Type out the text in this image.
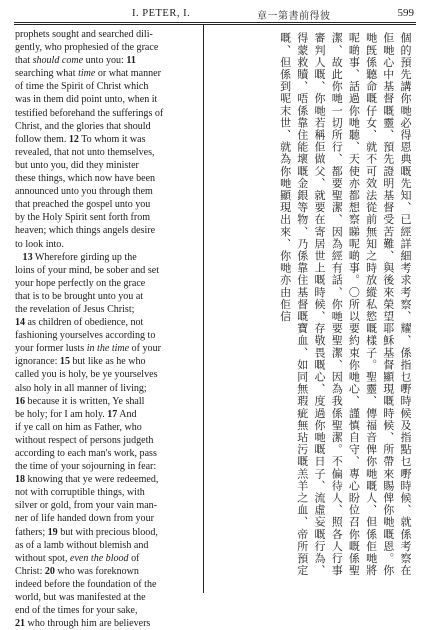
I. PETER, I.	章一第書前得彼	599
prophets sought and searched dili-
gently, who prophesied of the grace
that should come unto you: 11
searching what time or what manner
of time the Spirit of Christ which
was in them did point unto, when it
testified beforehand the sufferings of
Christ, and the glories that should
follow them. 12 To whom it was
revealed, that not unto themselves,
but unto you, did they minister
these things, which now have been
announced unto you through them
that preached the gospel unto you
by the Holy Spirit sent forth from
heaven; which things angels desire
to look into.
13 Wherefore girding up the
loins of your mind, be sober and set
your hope perfectly on the grace
that is to be brought unto you at
the revelation of Jesus Christ;
14 as children of obedience, not
fashioning yourselves according to
your former lusts in the time of your
ignorance: 15 but like as he who
called you is holy, be ye yourselves
also holy in all manner of living;
16 because it is written, Ye shall
be holy; for I am holy. 17 And
if ye call on him as Father, who
without respect of persons judgeth
according to each man's work, pass
the time of your sojourning in fear:
18 knowing that ye were redeemed,
not with corruptible things, with
silver or gold, from your vain man-
ner of life handed down from your
fathers; 19 but with precious blood,
as of a lamb without blemish and
without spot, even the blood of
Christ: 20 who was foreknown
indeed before the foundation of the
world, but was manifested at the
end of the times for your sake,
21 who through him are believers
個的預先講你哋必得恩典嘅先知、已經詳細考求考察、耀、係指乜嘢時候及指點乜嘢時候、就係考察在佢哋心中基督嘅靈、預先證明基督受苦難、與後來榮望耶穌基督顯現嘅時候、所帶來賜俾你哋嘅恩。你哋旣係聽命嘅仔女、就不可效法從前無知之時放縱私慾嘅樣子。聖靈、傳福音俾你哋嘅人、但係佢哋將呢啲事、話過你哋聽、天使亦都想察睇呢啲事。〇所以要約束你哋心、謹慎自守、專心盼位召你嘅係聖潔、故此你哋一切所行、都要聖潔、因為經有話、你哋要聖潔、因為我係聖潔。不偏待人、照各人行事審判人嘅、你哋若稱佢做父、就要在寄居世上嘅時候、存敬畏嘅心、度過你哋嘅日子、流虛妄嘅行為、得蒙救贖、唔係靠住能壞嘅金銀等物、乃係靠住基督嘅寶血、如同無瑕疵無玷污嘅羔羊之血、帝所預定嘅、但係到呢末世、就為你哋顯現出來、你哋亦由佢信
